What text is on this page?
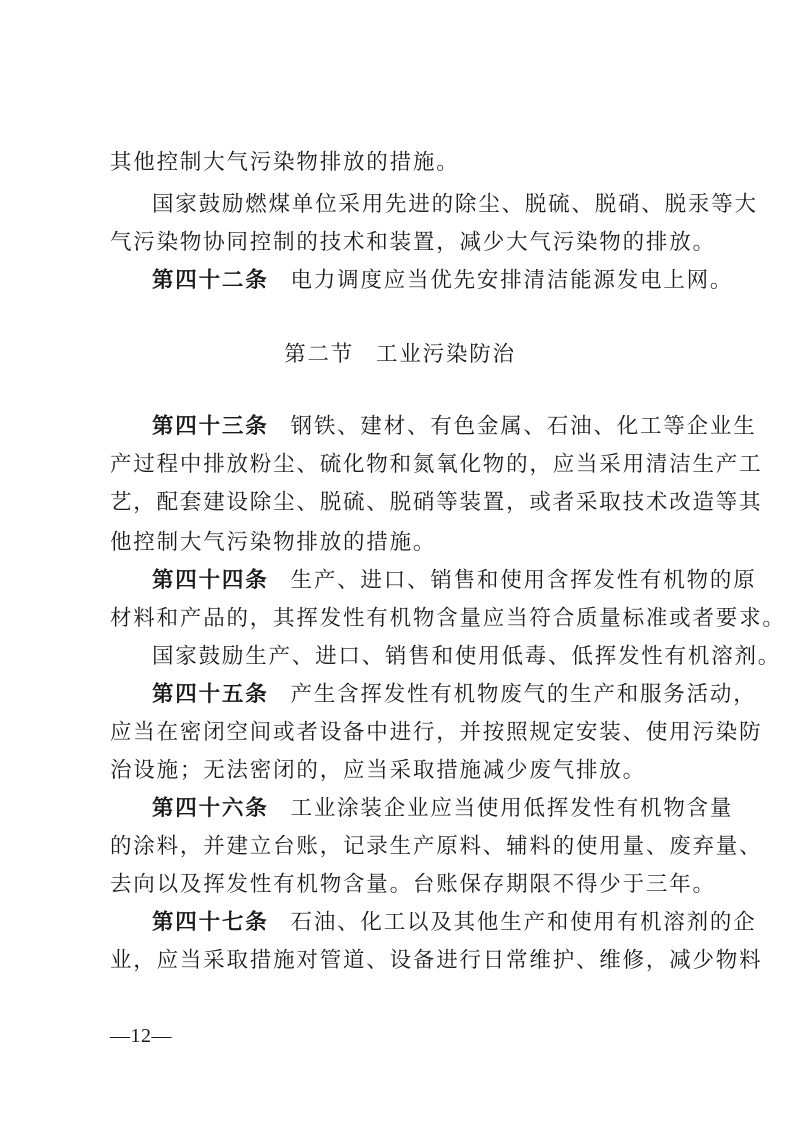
其他控制大气污染物排放的措施。
国家鼓励燃煤单位采用先进的除尘、脱硫、脱硝、脱汞等大
气污染物协同控制的技术和装置，减少大气污染物的排放。
第四十二条 电力调度应当优先安排清洁能源发电上网。
第二节 工业污染防治
第四十三条 钢铁、建材、有色金属、石油、化工等企业生
产过程中排放粉尘、硫化物和氮氧化物的，应当采用清洁生产工
艺，配套建设除尘、脱硫、脱硝等装置，或者采取技术改造等其
他控制大气污染物排放的措施。
第四十四条 生产、进口、销售和使用含挥发性有机物的原
材料和产品的，其挥发性有机物含量应当符合质量标准或者要求。
国家鼓励生产、进口、销售和使用低毒、低挥发性有机溶剂。
第四十五条 产生含挥发性有机物废气的生产和服务活动，
应当在密闭空间或者设备中进行，并按照规定安装、使用污染防
治设施；无法密闭的，应当采取措施减少废气排放。
第四十六条 工业涂装企业应当使用低挥发性有机物含量
的涂料，并建立台账，记录生产原料、辅料的使用量、废弃量、
去向以及挥发性有机物含量。台账保存期限不得少于三年。
第四十七条 石油、化工以及其他生产和使用有机溶剂的企
业，应当采取措施对管道、设备进行日常维护、维修，减少物料
—12—
